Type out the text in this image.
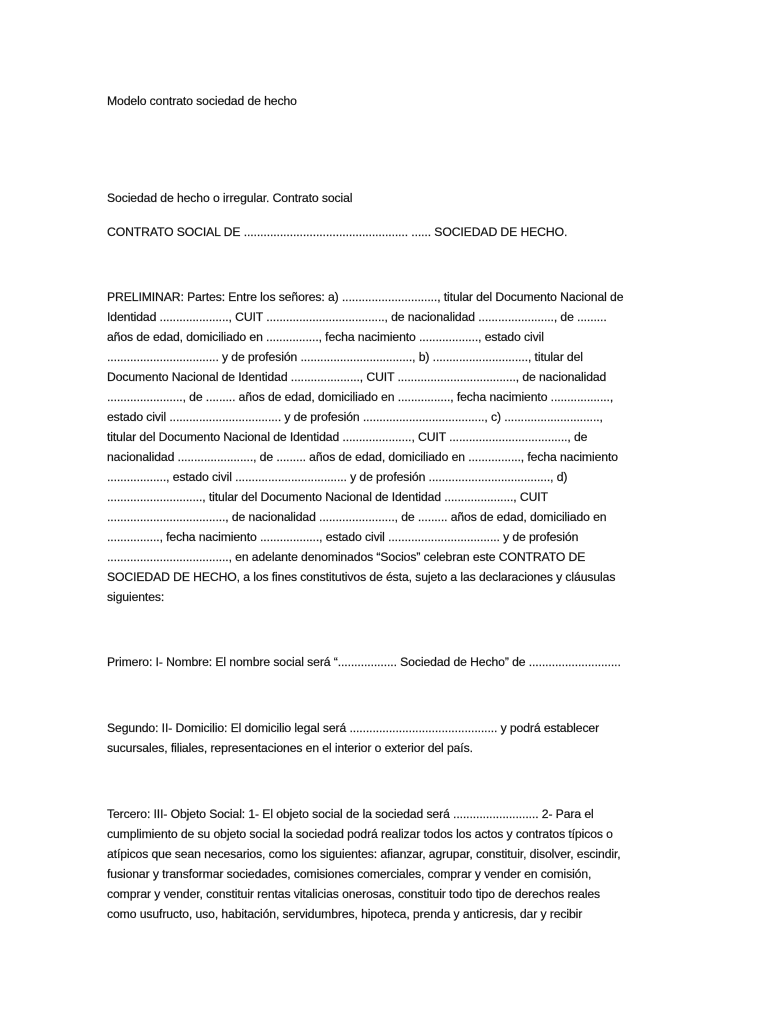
Modelo contrato sociedad de hecho
Sociedad de hecho o irregular. Contrato social
CONTRATO SOCIAL DE .................................................. ...... SOCIEDAD DE HECHO.
PRELIMINAR: Partes: Entre los señores: a) ............................., titular del Documento Nacional de
Identidad ....................., CUIT ...................................., de nacionalidad ......................., de .........
años de edad, domiciliado en ................, fecha nacimiento .................., estado civil
.................................. y de profesión .................................., b) ............................., titular del
Documento Nacional de Identidad ....................., CUIT ...................................., de nacionalidad
......................., de ......... años de edad, domiciliado en ................, fecha nacimiento ..................,
estado civil .................................. y de profesión ....................................., c) .............................,
titular del Documento Nacional de Identidad ....................., CUIT ...................................., de
nacionalidad ......................., de ......... años de edad, domiciliado en ................, fecha nacimiento
.................., estado civil .................................. y de profesión ....................................., d)
............................., titular del Documento Nacional de Identidad ....................., CUIT
...................................., de nacionalidad ......................., de ......... años de edad, domiciliado en
................, fecha nacimiento .................., estado civil .................................. y de profesión
....................................., en adelante denominados “Socios” celebran este CONTRATO DE
SOCIEDAD DE HECHO, a los fines constitutivos de ésta, sujeto a las declaraciones y cláusulas
siguientes:
Primero: I- Nombre: El nombre social será “.................. Sociedad de Hecho” de ............................
Segundo: II- Domicilio: El domicilio legal será ............................................. y podrá establecer
sucursales, filiales, representaciones en el interior o exterior del país.
Tercero: III- Objeto Social: 1- El objeto social de la sociedad será .......................... 2- Para el
cumplimiento de su objeto social la sociedad podrá realizar todos los actos y contratos típicos o
atípicos que sean necesarios, como los siguientes: afianzar, agrupar, constituir, disolver, escindir,
fusionar y transformar sociedades, comisiones comerciales, comprar y vender en comisión,
comprar y vender, constituir rentas vitalicias onerosas, constituir todo tipo de derechos reales
como usufructo, uso, habitación, servidumbres, hipoteca, prenda y anticresis, dar y recibir
